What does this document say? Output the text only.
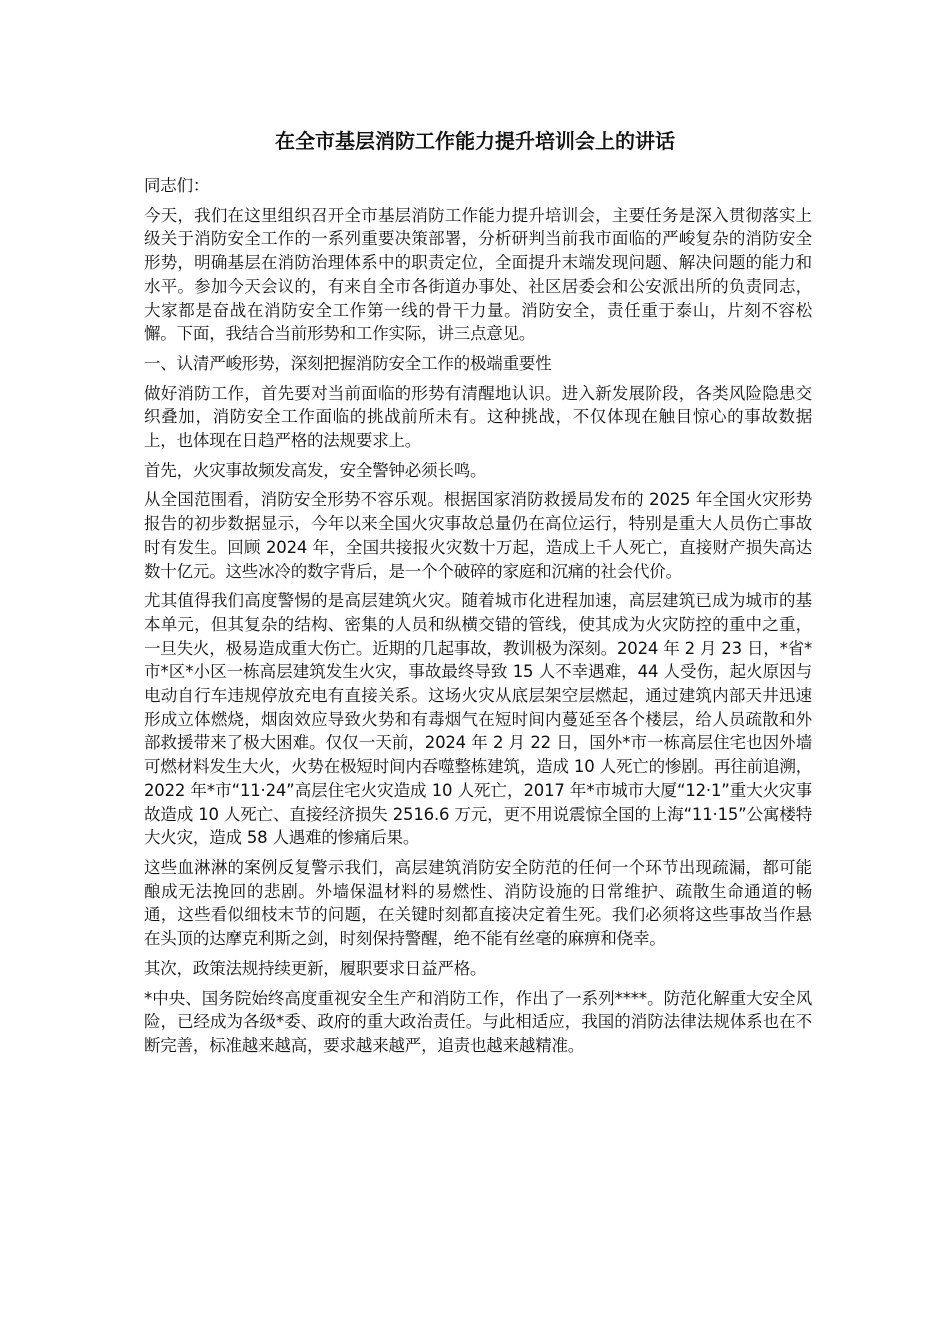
在全市基层消防工作能力提升培训会上的讲话

同志们：

今天，我们在这里组织召开全市基层消防工作能力提升培训会，主要任务是深入贯彻落实上级关于消防安全工作的一系列重要决策部署，分析研判当前我市面临的严峻复杂的消防安全形势，明确基层在消防治理体系中的职责定位，全面提升末端发现问题、解决问题的能力和水平。参加今天会议的，有来自全市各街道办事处、社区居委会和公安派出所的负责同志，大家都是奋战在消防安全工作第一线的骨干力量。消防安全，责任重于泰山，片刻不容松懈。下面，我结合当前形势和工作实际，讲三点意见。

一、认清严峻形势，深刻把握消防安全工作的极端重要性

做好消防工作，首先要对当前面临的形势有清醒地认识。进入新发展阶段，各类风险隐患交织叠加，消防安全工作面临的挑战前所未有。这种挑战，不仅体现在触目惊心的事故数据上，也体现在日趋严格的法规要求上。

首先，火灾事故频发高发，安全警钟必须长鸣。

从全国范围看，消防安全形势不容乐观。根据国家消防救援局发布的 2025 年全国火灾形势报告的初步数据显示，今年以来全国火灾事故总量仍在高位运行，特别是重大人员伤亡事故时有发生。回顾 2024 年，全国共接报火灾数十万起，造成上千人死亡，直接财产损失高达数十亿元。这些冰冷的数字背后，是一个个破碎的家庭和沉痛的社会代价。

尤其值得我们高度警惕的是高层建筑火灾。随着城市化进程加速，高层建筑已成为城市的基本单元，但其复杂的结构、密集的人员和纵横交错的管线，使其成为火灾防控的重中之重，一旦失火，极易造成重大伤亡。近期的几起事故，教训极为深刻。2024 年 2 月 23 日，*省*市*区*小区一栋高层建筑发生火灾，事故最终导致 15 人不幸遇难，44 人受伤，起火原因与电动自行车违规停放充电有直接关系。这场火灾从底层架空层燃起，通过建筑内部天井迅速形成立体燃烧，烟囱效应导致火势和有毒烟气在短时间内蔓延至各个楼层，给人员疏散和外部救援带来了极大困难。仅仅一天前，2024 年 2 月 22 日，国外*市一栋高层住宅也因外墙可燃材料发生大火，火势在极短时间内吞噬整栋建筑，造成 10 人死亡的惨剧。再往前追溯，2022 年*市“11·24”高层住宅火灾造成 10 人死亡，2017 年*市城市大厦“12·1”重大火灾事故造成 10 人死亡、直接经济损失 2516.6 万元，更不用说震惊全国的上海“11·15”公寓楼特大火灾，造成 58 人遇难的惨痛后果。

这些血淋淋的案例反复警示我们，高层建筑消防安全防范的任何一个环节出现疏漏，都可能酿成无法挽回的悲剧。外墙保温材料的易燃性、消防设施的日常维护、疏散生命通道的畅通，这些看似细枝末节的问题，在关键时刻都直接决定着生死。我们必须将这些事故当作悬在头顶的达摩克利斯之剑，时刻保持警醒，绝不能有丝毫的麻痹和侥幸。

其次，政策法规持续更新，履职要求日益严格。

*中央、国务院始终高度重视安全生产和消防工作，作出了一系列****。防范化解重大安全风险，已经成为各级*委、政府的重大政治责任。与此相适应，我国的消防法律法规体系也在不断完善，标准越来越高，要求越来越严，追责也越来越精准。
